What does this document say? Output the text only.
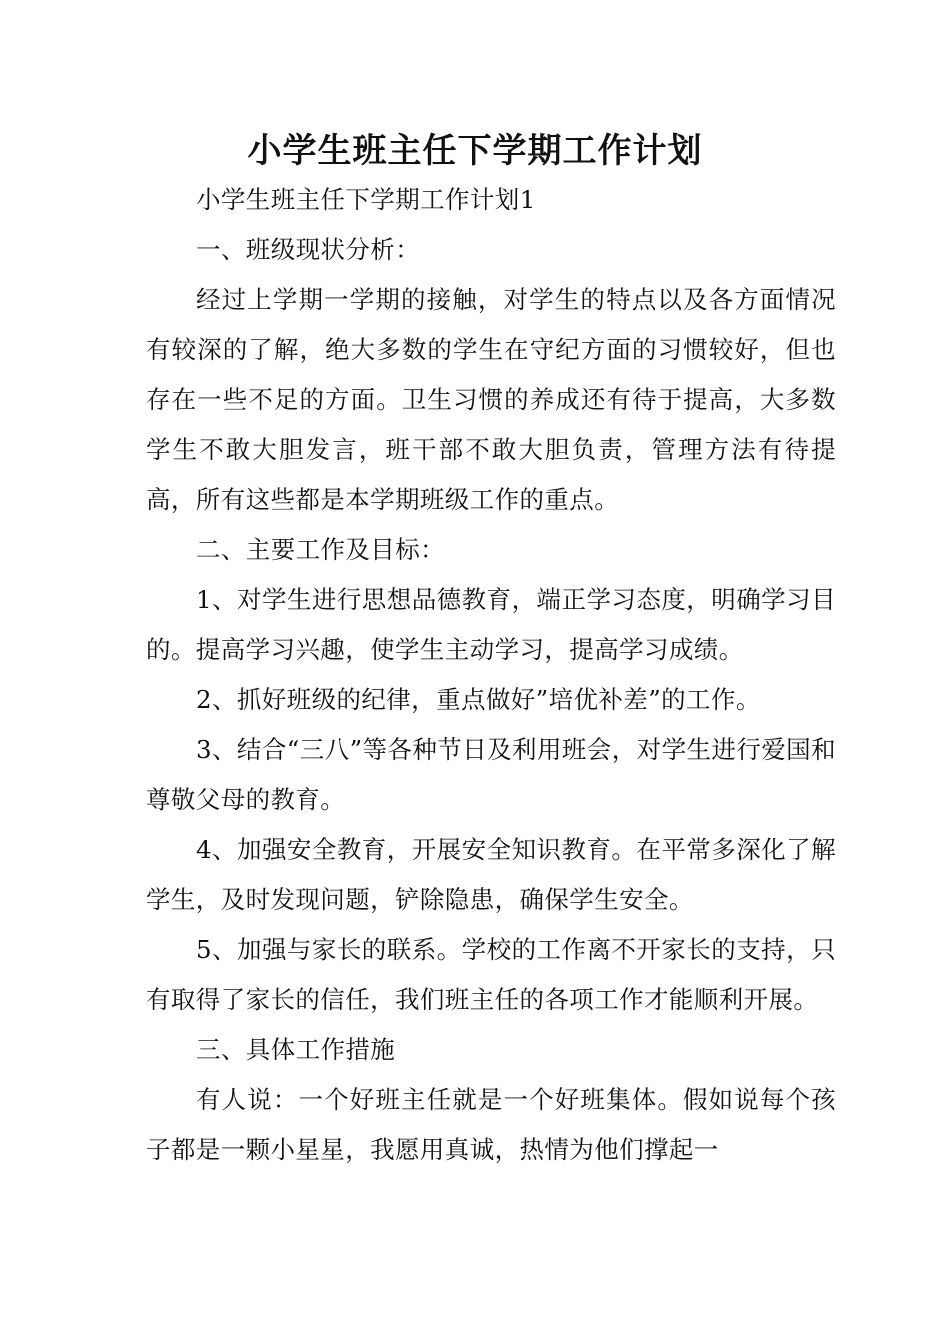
小学生班主任下学期工作计划

小学生班主任下学期工作计划1

一、班级现状分析：

经过上学期一学期的接触，对学生的特点以及各方面情况有较深的了解，绝大多数的学生在守纪方面的习惯较好，但也存在一些不足的方面。卫生习惯的养成还有待于提高，大多数学生不敢大胆发言，班干部不敢大胆负责，管理方法有待提高，所有这些都是本学期班级工作的重点。

二、主要工作及目标：

1、对学生进行思想品德教育，端正学习态度，明确学习目的。提高学习兴趣，使学生主动学习，提高学习成绩。

2、抓好班级的纪律，重点做好”培优补差”的工作。

3、结合“三八”等各种节日及利用班会，对学生进行爱国和尊敬父母的教育。

4、加强安全教育，开展安全知识教育。在平常多深化了解学生，及时发现问题，铲除隐患，确保学生安全。

5、加强与家长的联系。学校的工作离不开家长的支持，只有取得了家长的信任，我们班主任的各项工作才能顺利开展。

三、具体工作措施

有人说：一个好班主任就是一个好班集体。假如说每个孩子都是一颗小星星，我愿用真诚，热情为他们撑起一
